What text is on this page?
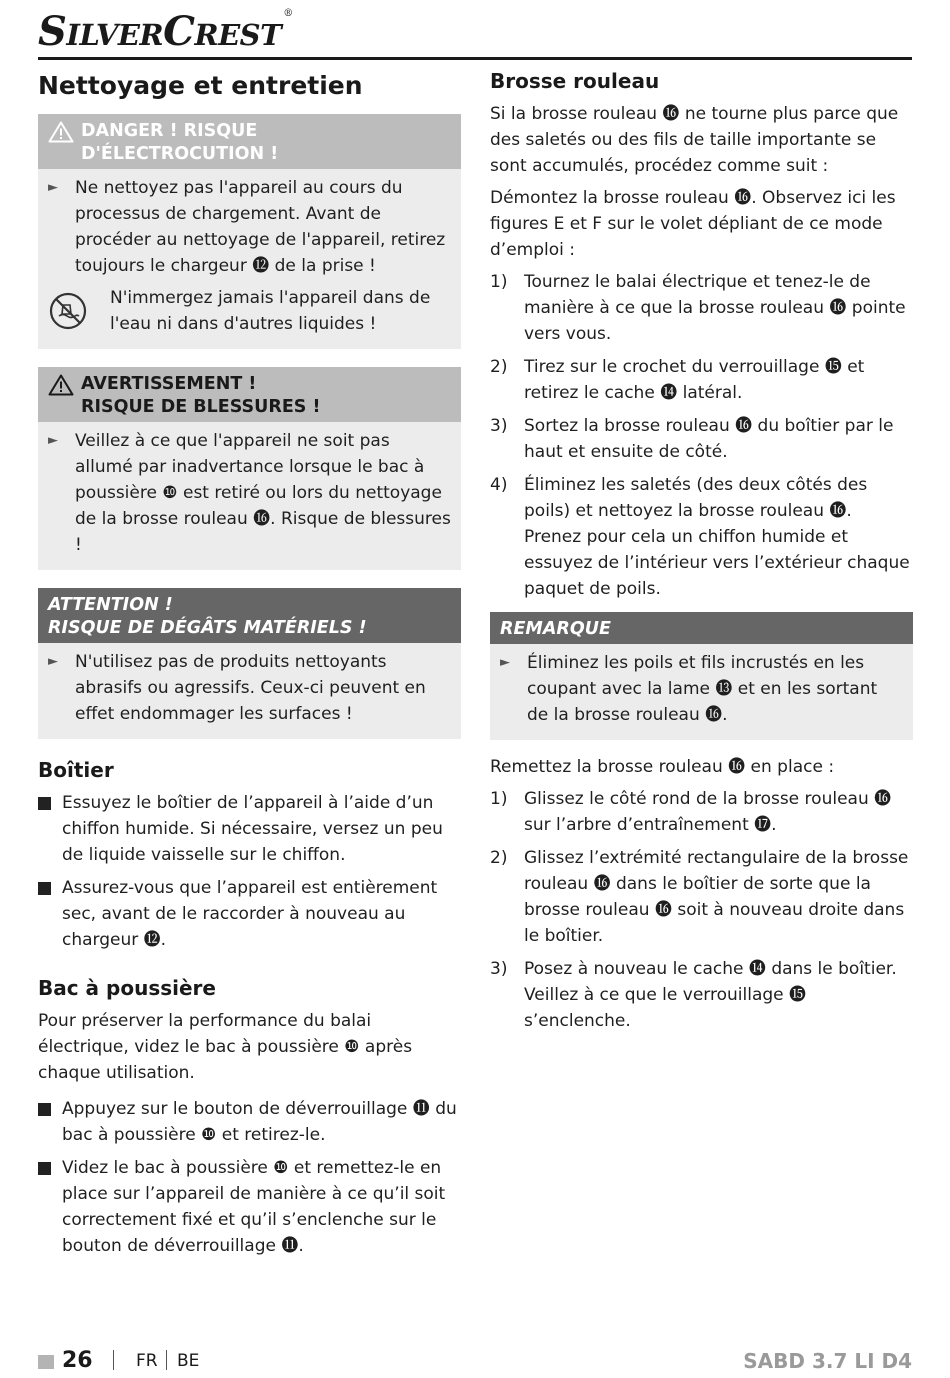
SILVERCREST®
Nettoyage et entretien
DANGER ! RISQUE
D'ÉLECTROCUTION !
►	Ne nettoyez pas l'appareil au cours du processus de chargement. Avant de procéder au nettoyage de l'appareil, retirez toujours le chargeur ⓬ de la prise !
N'immergez jamais l'appareil dans de l'eau ni dans d'autres liquides !
AVERTISSEMENT !
RISQUE DE BLESSURES !
►	Veillez à ce que l'appareil ne soit pas allumé par inadvertance lorsque le bac à poussière ❿ est retiré ou lors du nettoyage de la brosse rouleau ⓰. Risque de blessures !
ATTENTION !
RISQUE DE DÉGÂTS MATÉRIELS !
►	N'utilisez pas de produits nettoyants abrasifs ou agressifs. Ceux-ci peuvent en effet endommager les surfaces !
Boîtier
Essuyez le boîtier de l’appareil à l’aide d’un chiffon humide. Si nécessaire, versez un peu de liquide vaisselle sur le chiffon.
Assurez-vous que l’appareil est entièrement sec, avant de le raccorder à nouveau au chargeur ⓬.
Bac à poussière
Pour préserver la performance du balai électrique, videz le bac à poussière ❿ après chaque utilisation.
Appuyez sur le bouton de déverrouillage ⓫ du bac à poussière ❿ et retirez-le.
Videz le bac à poussière ❿ et remettez-le en place sur l’appareil de manière à ce qu’il soit correctement fixé et qu’il s’enclenche sur le bouton de déverrouillage ⓫.
Brosse rouleau
Si la brosse rouleau ⓰ ne tourne plus parce que des saletés ou des fils de taille importante se sont accumulés, procédez comme suit :
Démontez la brosse rouleau ⓰. Observez ici les figures E et F sur le volet dépliant de ce mode d’emploi :
1) Tournez le balai électrique et tenez-le de manière à ce que la brosse rouleau ⓰ pointe vers vous.
2) Tirez sur le crochet du verrouillage ⓯ et retirez le cache ⓮ latéral.
3) Sortez la brosse rouleau ⓰ du boîtier par le haut et ensuite de côté.
4) Éliminez les saletés (des deux côtés des poils) et nettoyez la brosse rouleau ⓰. Prenez pour cela un chiffon humide et essuyez de l’intérieur vers l’extérieur chaque paquet de poils.
REMARQUE
►	Éliminez les poils et fils incrustés en les coupant avec la lame ⓭ et en les sortant de la brosse rouleau ⓰.
Remettez la brosse rouleau ⓰ en place :
1) Glissez le côté rond de la brosse rouleau ⓰ sur l’arbre d’entraînement ⓱.
2) Glissez l’extrémité rectangulaire de la brosse rouleau ⓰ dans le boîtier de sorte que la brosse rouleau ⓰ soit à nouveau droite dans le boîtier.
3) Posez à nouveau le cache ⓮ dans le boîtier. Veillez à ce que le verrouillage ⓯ s’enclenche.
26	FR BE	SABD 3.7 LI D4
